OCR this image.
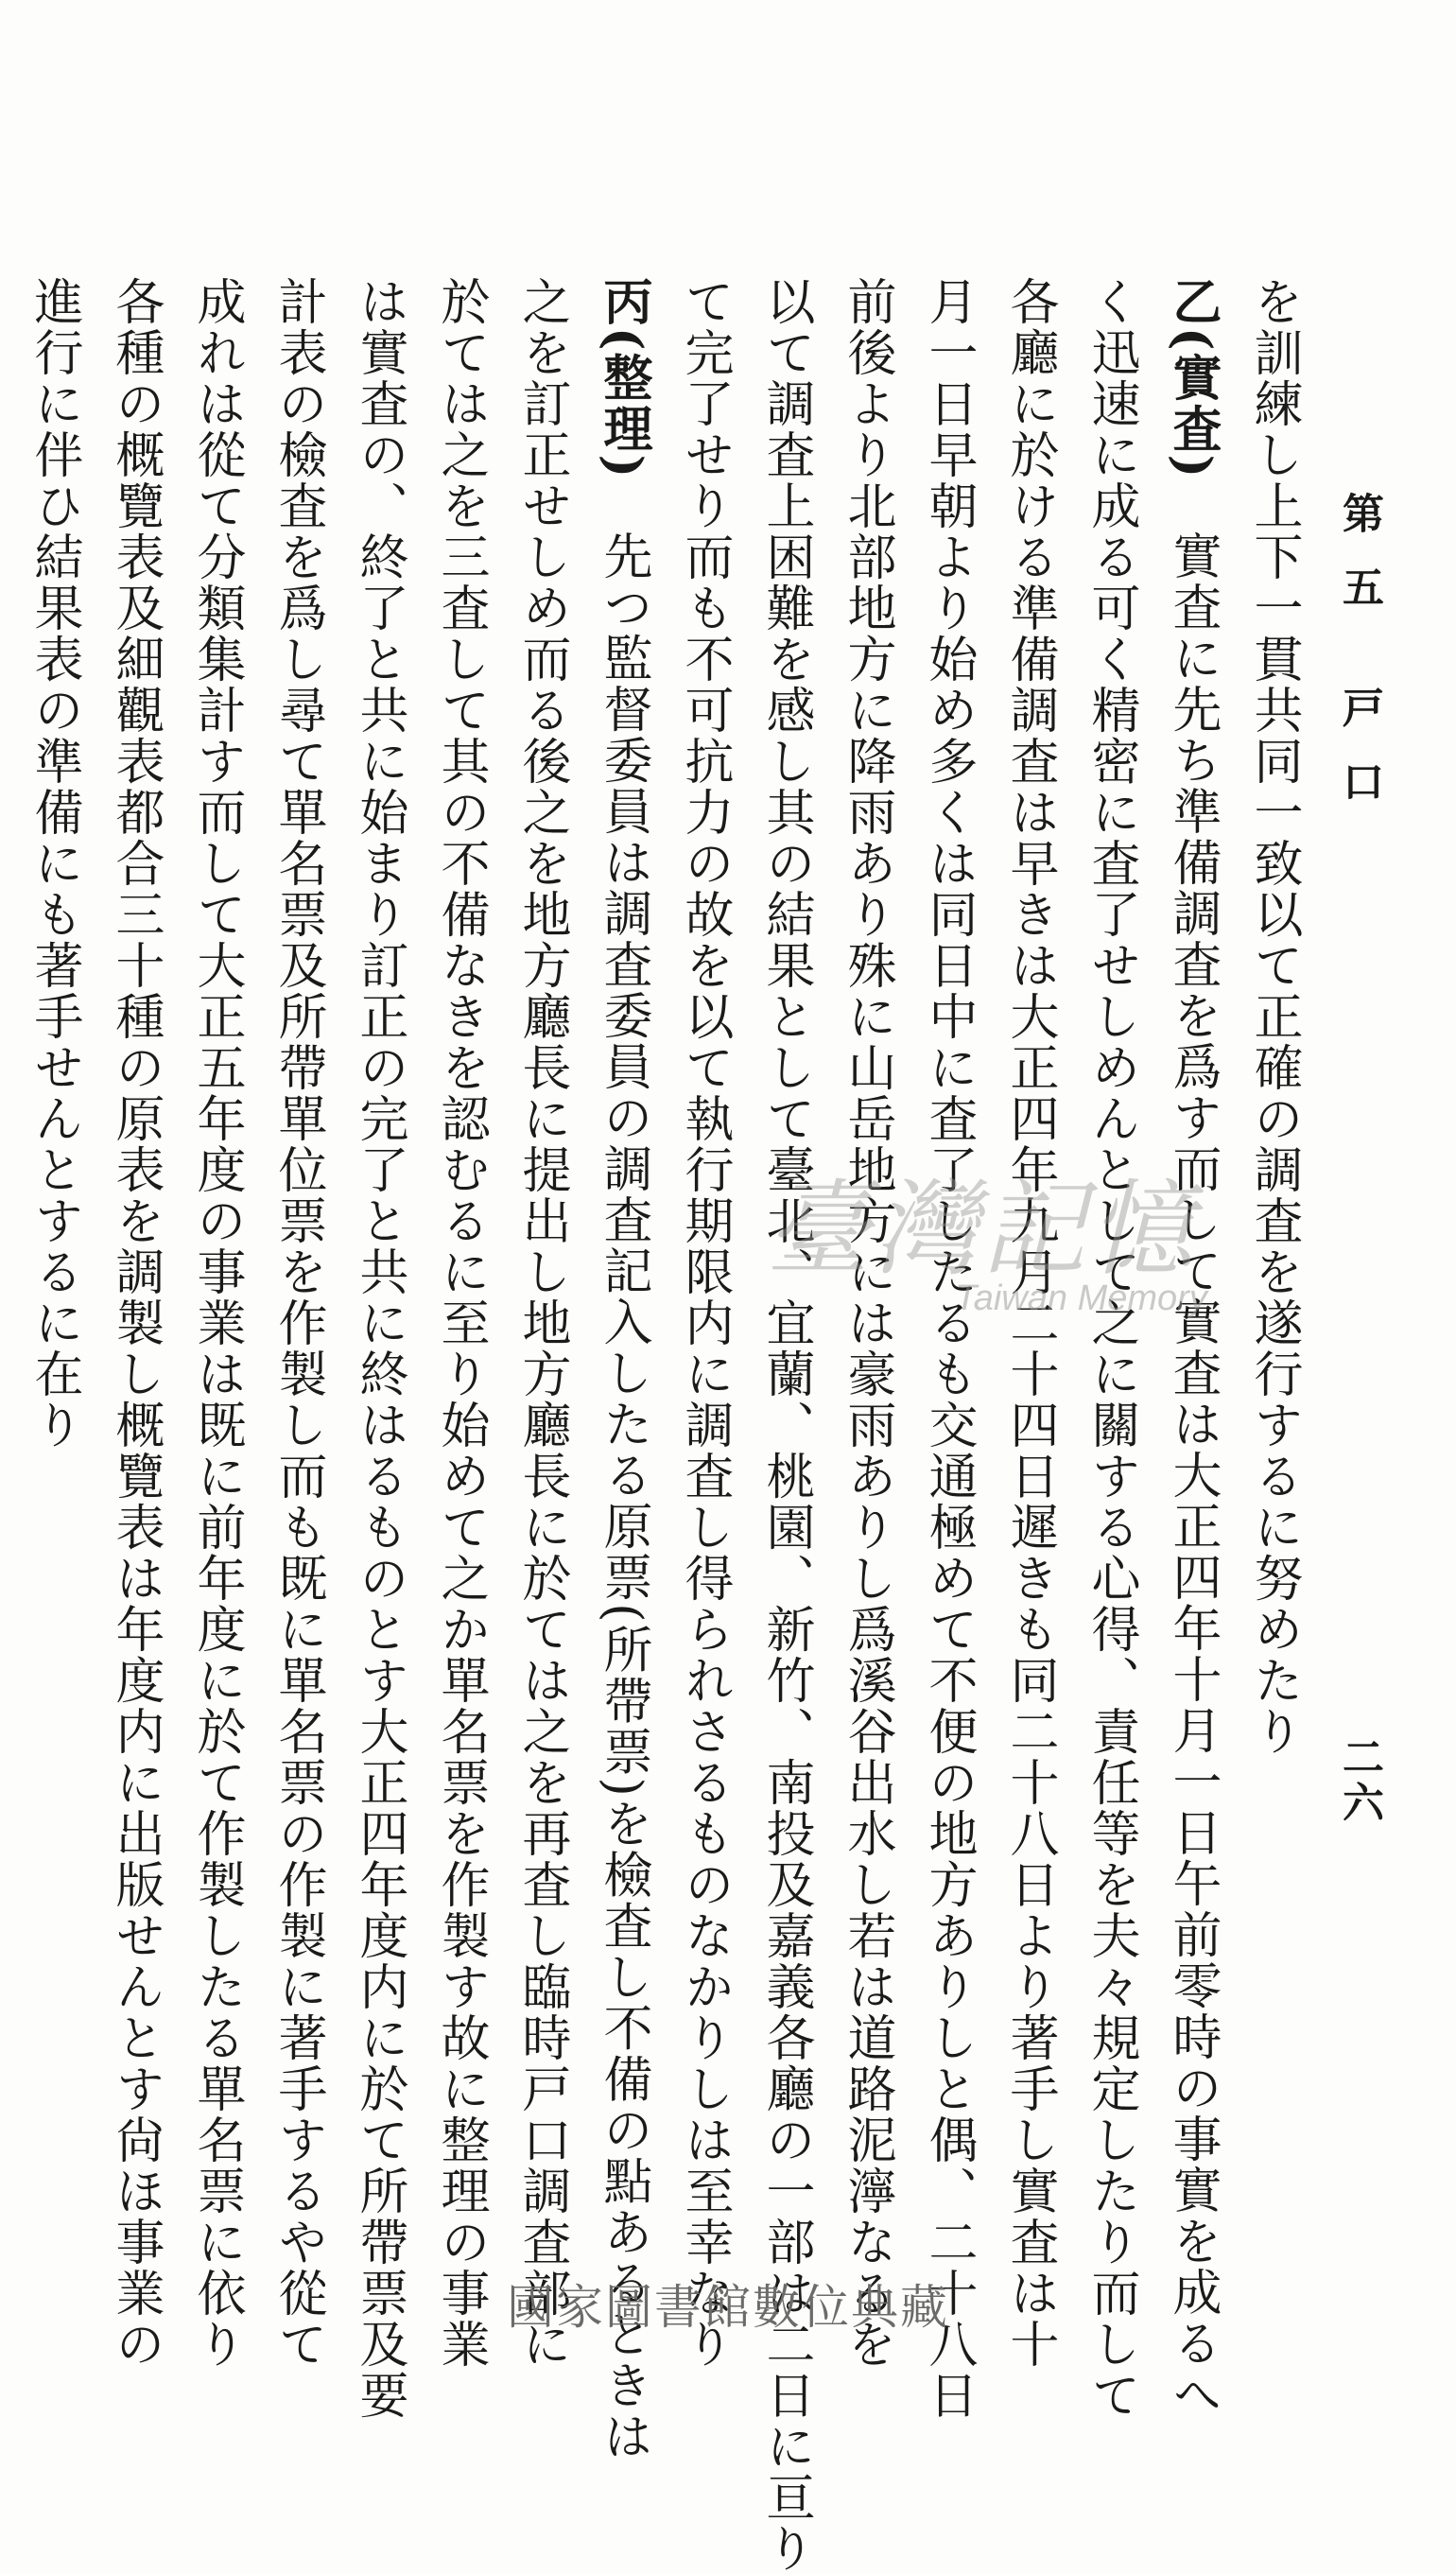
第五 戸口
二六
を訓練し上下一貫共同一致以て正確の調査を遂行するに努めたり
乙(實査)　實査に先ち準備調査を爲す而して實査は大正四年十月一日午前零時の事實を成るへ
く迅速に成る可く精密に査了せしめんとして之に關する心得、責任等を夫々規定したり而して
各廳に於ける準備調査は早きは大正四年九月二十四日遲きも同二十八日より著手し實査は十
月一日早朝より始め多くは同日中に査了したるも交通極めて不便の地方ありしと偶、二十八日
前後より北部地方に降雨あり殊に山岳地方には豪雨ありし爲溪谷出水し若は道路泥濘なるを
以て調査上困難を感し其の結果として臺北、宜蘭、桃園、新竹、南投及嘉義各廳の一部は二日に亘り
て完了せり而も不可抗力の故を以て執行期限内に調査し得られさるものなかりしは至幸なり
丙(整理)　先つ監督委員は調査委員の調査記入したる原票(所帶票)を檢査し不備の點あるときは
之を訂正せしめ而る後之を地方廳長に提出し地方廳長に於ては之を再査し臨時戸口調査部に
於ては之を三査して其の不備なきを認むるに至り始めて之か單名票を作製す故に整理の事業
は實査の、終了と共に始まり訂正の完了と共に終はるものとす大正四年度内に於て所帶票及要
計表の檢査を爲し尋て單名票及所帶單位票を作製し而も既に單名票の作製に著手するや從て
成れは從て分類集計す而して大正五年度の事業は既に前年度に於て作製したる單名票に依り
各種の概覽表及細觀表都合三十種の原表を調製し概覽表は年度内に出版せんとす尙ほ事業の
進行に伴ひ結果表の準備にも著手せんとするに在り	臺灣記憶
Taiwan Memory
國家圖書館數位典藏
